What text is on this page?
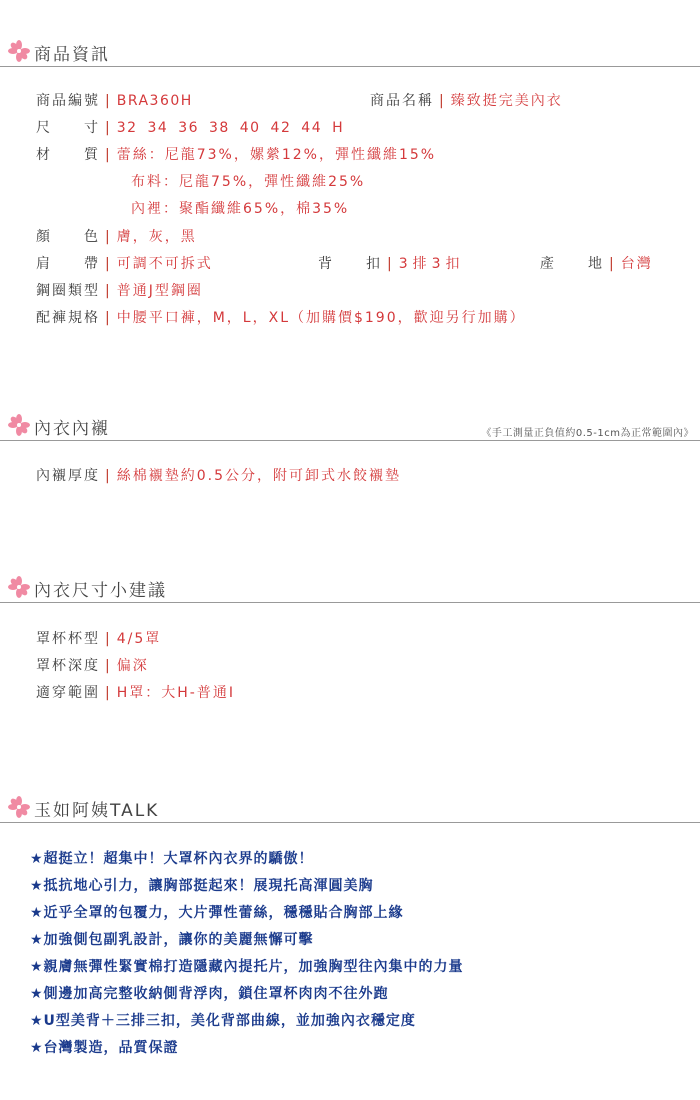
商品資訊
商品編號 | BRA360H	商品名稱 | 臻致挺完美內衣
尺　　寸 | 32 34 36 38 40 42 44 H
材　　質 | 蕾絲：尼龍73%，嫘縈12%，彈性纖維15%
布料：尼龍75%，彈性纖維25%
內裡：聚酯纖維65%，棉35%
顏　　色 | 膚，灰，黑
肩　　帶 | 可調不可拆式	背　　扣 | 3排3扣	產　　地 | 台灣
鋼圈類型 | 普通J型鋼圈
配褲規格 | 中腰平口褲，M，L，XL（加購價$190，歡迎另行加購）
內衣內襯	《手工測量正負值約0.5-1cm為正常範圍內》
內襯厚度 | 絲棉襯墊約0.5公分，附可卸式水餃襯墊
內衣尺寸小建議
罩杯杯型 | 4/5罩
罩杯深度 | 偏深
適穿範圍 | H罩：大H-普通I
玉如阿姨TALK
★超挺立！超集中！大罩杯內衣界的驕傲！
★抵抗地心引力，讓胸部挺起來！展現托高渾圓美胸
★近乎全罩的包覆力，大片彈性蕾絲，穩穩貼合胸部上緣
★加強側包副乳設計，讓你的美麗無懈可擊
★親膚無彈性緊實棉打造隱藏內提托片，加強胸型往內集中的力量
★側邊加高完整收納側背浮肉，鎖住罩杯肉肉不往外跑
★U型美背＋三排三扣，美化背部曲線，並加強內衣穩定度
★台灣製造，品質保證
